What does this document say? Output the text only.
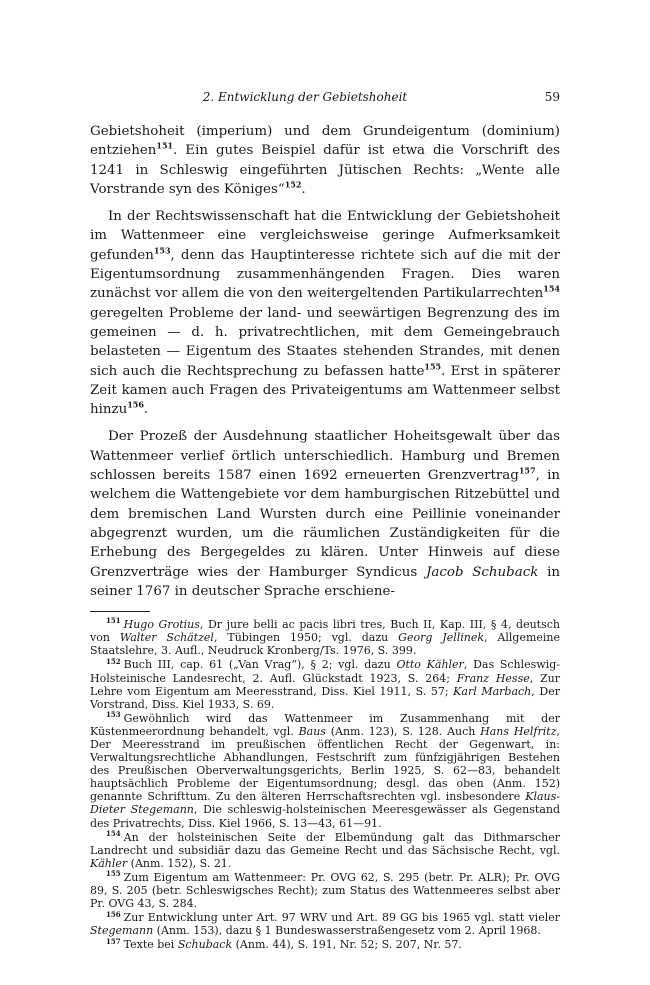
2. Entwicklung der Gebietshoheit	59

Gebietshoheit (imperium) und dem Grundeigentum (dominium) entziehen$^{151}$. Ein gutes Beispiel dafür ist etwa die Vorschrift des 1241 in Schleswig eingeführten Jütischen Rechts: „Wente alle Vorstrande syn des Königes“$^{152}$.

In der Rechtswissenschaft hat die Entwicklung der Gebietshoheit im Wattenmeer eine vergleichsweise geringe Aufmerksamkeit gefunden$^{153}$, denn das Hauptinteresse richtete sich auf die mit der Eigentumsordnung zusammenhängenden Fragen. Dies waren zunächst vor allem die von den weitergeltenden Partikularrechten$^{154}$ geregelten Probleme der land- und seewärtigen Begrenzung des im gemeinen — d. h. privatrechtlichen, mit dem Gemeingebrauch belasteten — Eigentum des Staates stehenden Strandes, mit denen sich auch die Rechtsprechung zu befassen hatte$^{155}$. Erst in späterer Zeit kamen auch Fragen des Privateigentums am Wattenmeer selbst hinzu$^{156}$.

Der Prozeß der Ausdehnung staatlicher Hoheitsgewalt über das Wattenmeer verlief örtlich unterschiedlich. Hamburg und Bremen schlossen bereits 1587 einen 1692 erneuerten Grenzvertrag$^{157}$, in welchem die Wattengebiete vor dem hamburgischen Ritzebüttel und dem bremischen Land Wursten durch eine Peillinie voneinander abgegrenzt wurden, um die räumlichen Zuständigkeiten für die Erhebung des Bergegeldes zu klären. Unter Hinweis auf diese Grenzverträge wies der Hamburger Syndicus Jacob Schuback in seiner 1767 in deutscher Sprache erschiene-

$^{151}$ Hugo Grotius, Dr jure belli ac pacis libri tres, Buch II, Kap. III, § 4, deutsch von Walter Schätzel, Tübingen 1950; vgl. dazu Georg Jellinek, Allgemeine Staatslehre, 3. Aufl., Neudruck Kronberg/Ts. 1976, S. 399.
$^{152}$ Buch III, cap. 61 („Van Vrag“), § 2; vgl. dazu Otto Kähler, Das Schleswig-Holsteinische Landesrecht, 2. Aufl. Glückstadt 1923, S. 264; Franz Hesse, Zur Lehre vom Eigentum am Meeresstrand, Diss. Kiel 1911, S. 57; Karl Marbach, Der Vorstrand, Diss. Kiel 1933, S. 69.
$^{153}$ Gewöhnlich wird das Wattenmeer im Zusammenhang mit der Küstenmeerordnung behandelt, vgl. Baus (Anm. 123), S. 128. Auch Hans Helfritz, Der Meeresstrand im preußischen öffentlichen Recht der Gegenwart, in: Verwaltungsrechtliche Abhandlungen, Festschrift zum fünfzigjährigen Bestehen des Preußischen Oberverwaltungsgerichts, Berlin 1925, S. 62—83, behandelt hauptsächlich Probleme der Eigentumsordnung; desgl. das oben (Anm. 152) genannte Schrifttum. Zu den älteren Herrschaftsrechten vgl. insbesondere Klaus-Dieter Stegemann, Die schleswig-holsteinischen Meeresgewässer als Gegenstand des Privatrechts, Diss. Kiel 1966, S. 13—43, 61—91.
$^{154}$ An der holsteinischen Seite der Elbemündung galt das Dithmarscher Landrecht und subsidiär dazu das Gemeine Recht und das Sächsische Recht, vgl. Kähler (Anm. 152), S. 21.
$^{155}$ Zum Eigentum am Wattenmeer: Pr. OVG 62, S. 295 (betr. Pr. ALR); Pr. OVG 89, S. 205 (betr. Schleswigsches Recht); zum Status des Wattenmeeres selbst aber Pr. OVG 43, S. 284.
$^{156}$ Zur Entwicklung unter Art. 97 WRV und Art. 89 GG bis 1965 vgl. statt vieler Stegemann (Anm. 153), dazu § 1 Bundeswasserstraßengesetz vom 2. April 1968.
$^{157}$ Texte bei Schuback (Anm. 44), S. 191, Nr. 52; S. 207, Nr. 57.
